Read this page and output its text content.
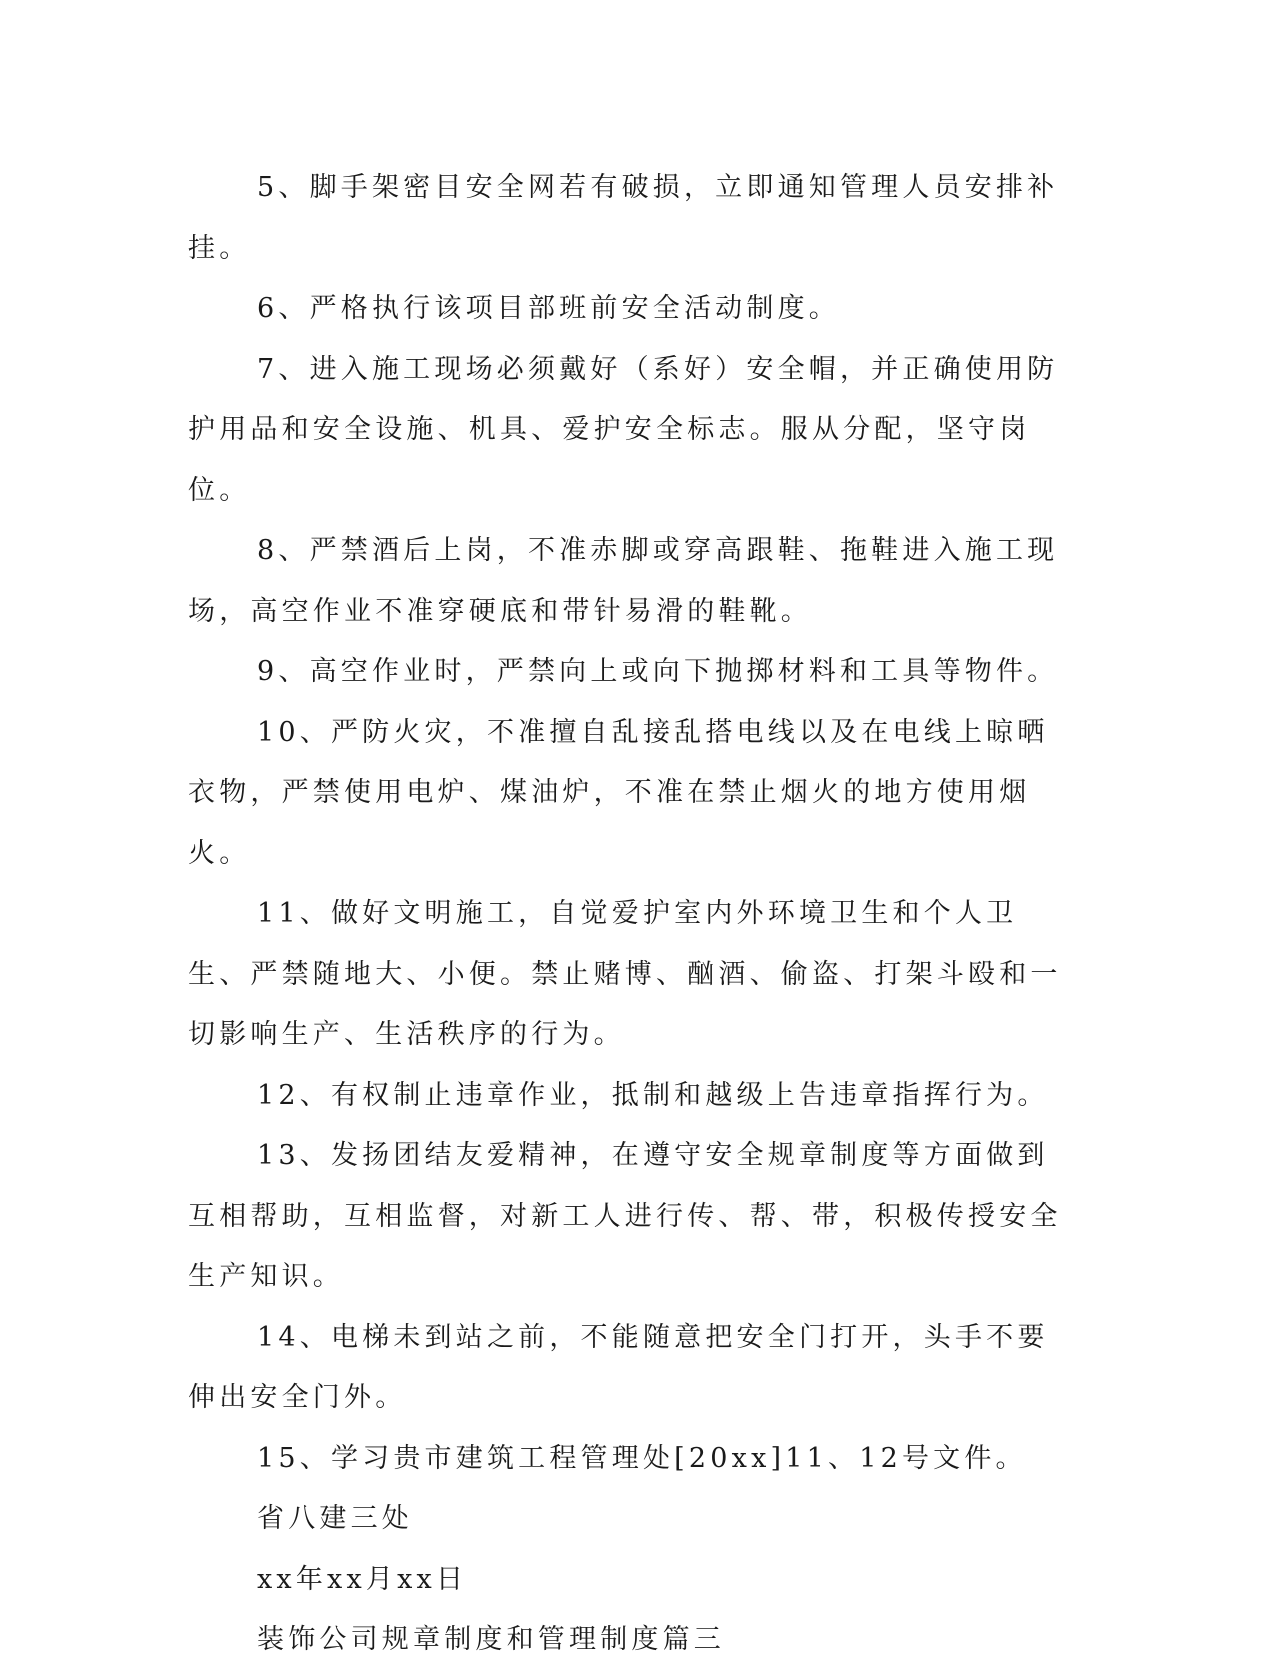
5、脚手架密目安全网若有破损，立即通知管理人员安排补挂。

6、严格执行该项目部班前安全活动制度。

7、进入施工现场必须戴好（系好）安全帽，并正确使用防护用品和安全设施、机具、爱护安全标志。服从分配，坚守岗位。

8、严禁酒后上岗，不准赤脚或穿高跟鞋、拖鞋进入施工现场，高空作业不准穿硬底和带针易滑的鞋靴。

9、高空作业时，严禁向上或向下抛掷材料和工具等物件。

10、严防火灾，不准擅自乱接乱搭电线以及在电线上晾晒衣物，严禁使用电炉、煤油炉，不准在禁止烟火的地方使用烟火。

11、做好文明施工，自觉爱护室内外环境卫生和个人卫生、严禁随地大、小便。禁止赌博、酗酒、偷盗、打架斗殴和一切影响生产、生活秩序的行为。

12、有权制止违章作业，抵制和越级上告违章指挥行为。

13、发扬团结友爱精神，在遵守安全规章制度等方面做到互相帮助，互相监督，对新工人进行传、帮、带，积极传授安全生产知识。

14、电梯未到站之前，不能随意把安全门打开，头手不要伸出安全门外。

15、学习贵市建筑工程管理处[20xx]11、12号文件。

省八建三处

xx年xx月xx日

装饰公司规章制度和管理制度篇三
